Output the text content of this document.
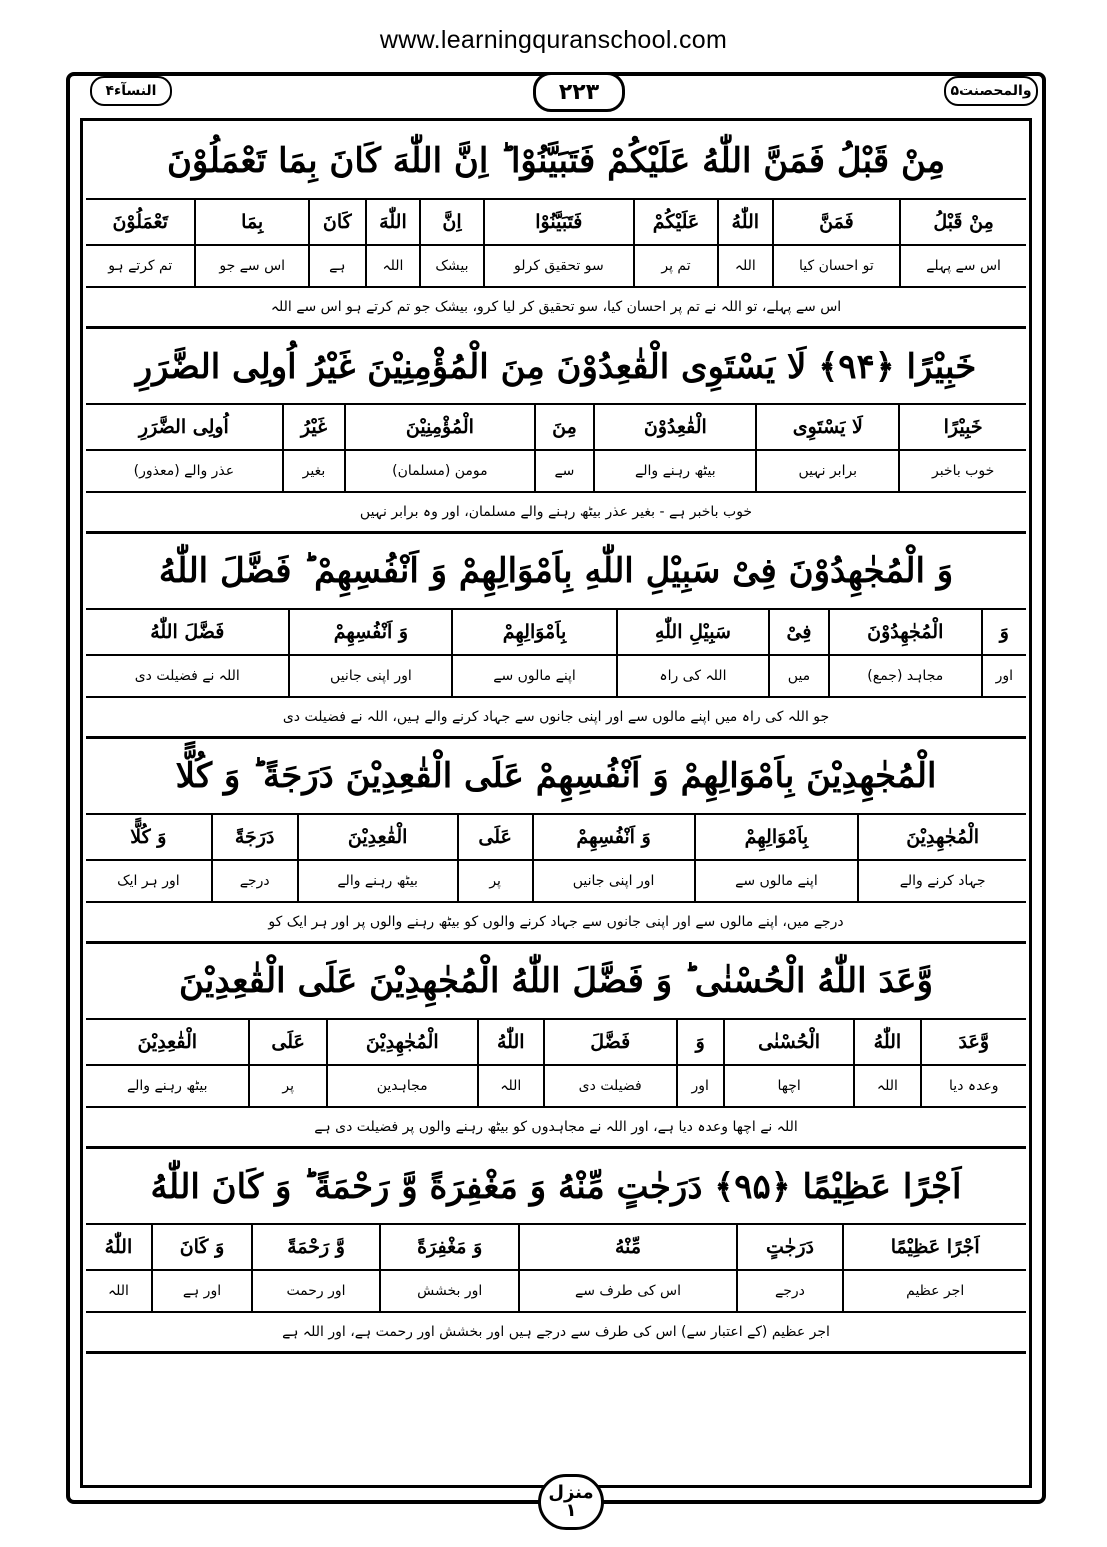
www.learningquranschool.com
النسآء۴	۲۲۳	والمحصنت۵
مِنْ قَبْلُ فَمَنَّ اللّٰهُ عَلَيْكُمْ فَتَبَيَّنُوْا ؕ اِنَّ اللّٰهَ كَانَ بِمَا تَعْمَلُوْنَ
مِنْ قَبْلُ	فَمَنَّ	اللّٰهُ	عَلَيْكُمْ	فَتَبَيَّنُوْا	اِنَّ	اللّٰهَ	كَانَ	بِمَا	تَعْمَلُوْنَ
اس سے پہلے	تو احسان کیا	اللہ	تم پر	سو تحقیق کرلو	بیشک	اللہ	ہے	اس سے جو	تم کرتے ہو
اس سے پہلے، تو اللہ نے تم پر احسان کیا، سو تحقیق کر لیا کرو، بیشک جو تم کرتے ہو اس سے اللہ
خَبِيْرًا ﴿۹۴﴾ لَا يَسْتَوِى الْقٰعِدُوْنَ مِنَ الْمُؤْمِنِيْنَ غَيْرُ اُولِى الضَّرَرِ
خَبِيْرًا	لَا يَسْتَوِى	الْقٰعِدُوْنَ	مِنَ	الْمُؤْمِنِيْنَ	غَيْرُ	اُولِى الضَّرَرِ
خوب باخبر	برابر نہیں	بیٹھ رہنے والے	سے	مومن (مسلمان)	بغیر	عذر والے (معذور)
خوب باخبر ہے - بغیر عذر بیٹھ رہنے والے مسلمان، اور وہ برابر نہیں
وَ الْمُجٰهِدُوْنَ فِىْ سَبِيْلِ اللّٰهِ بِاَمْوَالِهِمْ وَ اَنْفُسِهِمْ ؕ فَضَّلَ اللّٰهُ
وَ	الْمُجٰهِدُوْنَ	فِىْ	سَبِيْلِ اللّٰهِ	بِاَمْوَالِهِمْ	وَ اَنْفُسِهِمْ	فَضَّلَ اللّٰهُ
اور	مجاہد (جمع)	میں	اللہ کی راہ	اپنے مالوں سے	اور اپنی جانیں	اللہ نے فضیلت دی
جو اللہ کی راہ میں اپنے مالوں سے اور اپنی جانوں سے جہاد کرنے والے ہیں، اللہ نے فضیلت دی
الْمُجٰهِدِيْنَ بِاَمْوَالِهِمْ وَ اَنْفُسِهِمْ عَلَى الْقٰعِدِيْنَ دَرَجَةً ؕ وَ كُلًّا
الْمُجٰهِدِيْنَ	بِاَمْوَالِهِمْ	وَ اَنْفُسِهِمْ	عَلَى	الْقٰعِدِيْنَ	دَرَجَةً	وَ كُلًّا
جہاد کرنے والے	اپنے مالوں سے	اور اپنی جانیں	پر	بیٹھ رہنے والے	درجے	اور ہر ایک
درجے میں، اپنے مالوں سے اور اپنی جانوں سے جہاد کرنے والوں کو بیٹھ رہنے والوں پر اور ہر ایک کو
وَّعَدَ اللّٰهُ الْحُسْنٰى ؕ وَ فَضَّلَ اللّٰهُ الْمُجٰهِدِيْنَ عَلَى الْقٰعِدِيْنَ
وَّعَدَ	اللّٰهُ	الْحُسْنٰى	وَ	فَضَّلَ	اللّٰهُ	الْمُجٰهِدِيْنَ	عَلَى	الْقٰعِدِيْنَ
وعدہ دیا	اللہ	اچھا	اور	فضیلت دی	اللہ	مجاہدین	پر	بیٹھ رہنے والے
اللہ نے اچھا وعدہ دیا ہے، اور اللہ نے مجاہدوں کو بیٹھ رہنے والوں پر فضیلت دی ہے
اَجْرًا عَظِيْمًا ﴿۹۵﴾ دَرَجٰتٍ مِّنْهُ وَ مَغْفِرَةً وَّ رَحْمَةً ؕ وَ كَانَ اللّٰهُ
اَجْرًا عَظِيْمًا	دَرَجٰتٍ	مِّنْهُ	وَ مَغْفِرَةً	وَّ رَحْمَةً	وَ كَانَ	اللّٰهُ
اجر عظیم	درجے	اس کی طرف سے	اور بخشش	اور رحمت	اور ہے	اللہ
اجر عظیم (کے اعتبار سے) اس کی طرف سے درجے ہیں اور بخشش اور رحمت ہے، اور اللہ ہے
منزل
۱
